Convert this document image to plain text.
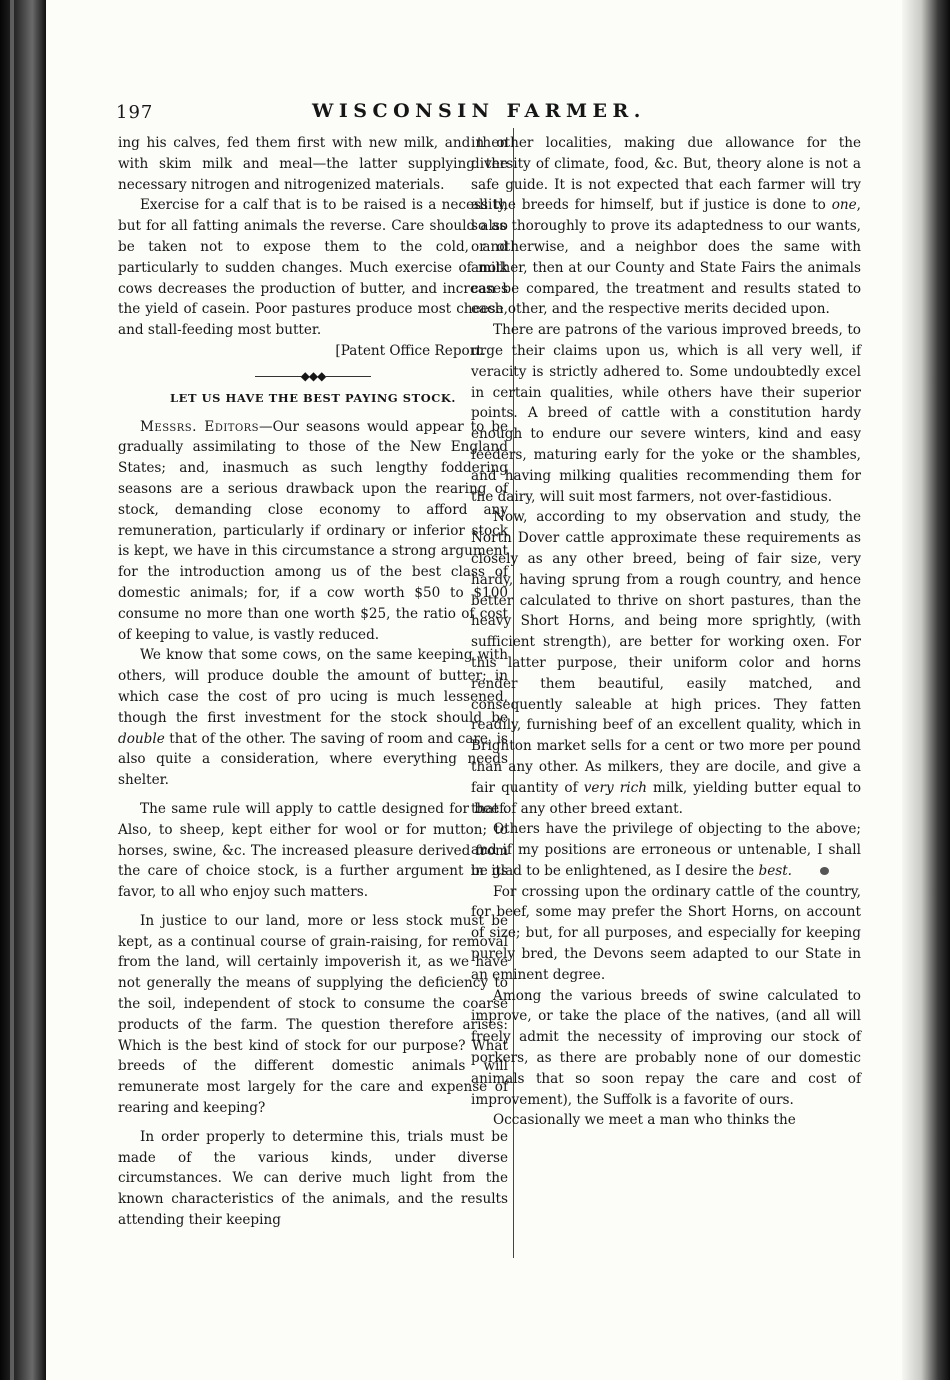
197	WISCONSIN FARMER.

ing his calves, fed them first with new milk, and then with skim milk and meal—the latter supplying the necessary nitrogen and nitrogenized materials.

Exercise for a calf that is to be raised is a necessity, but for all fatting animals the reverse. Care should also be taken not to expose them to the cold, and particularly to sudden changes. Much exercise of milk cows decreases the production of butter, and increases the yield of casein. Poor pastures produce most cheese, and stall-feeding most butter.

[Patent Office Report.

◆◆◆
LET US HAVE THE BEST PAYING STOCK.

Messrs. Editors—Our seasons would appear to be gradually assimilating to those of the New England States; and, inasmuch as such lengthy foddering seasons are a serious drawback upon the rearing of stock, demanding close economy to afford any remuneration, particularly if ordinary or inferior stock is kept, we have in this circumstance a strong argument for the introduction among us of the best class of domestic animals; for, if a cow worth $50 to $100 consume no more than one worth $25, the ratio of cost of keeping to value, is vastly reduced.

We know that some cows, on the same keeping with others, will produce double the amount of butter; in which case the cost of pro ucing is much lessened, though the first investment for the stock should be double that of the other. The saving of room and care, is also quite a consideration, where everything needs shelter.

The same rule will apply to cattle designed for beef. Also, to sheep, kept either for wool or for mutton; to horses, swine, &c. The increased pleasure derived from the care of choice stock, is a further argument in its favor, to all who enjoy such matters.

In justice to our land, more or less stock must be kept, as a continual course of grain-raising, for removal from the land, will certainly impoverish it, as we have not generally the means of supplying the deficiency to the soil, independent of stock to consume the coarse products of the farm. The question therefore arises: Which is the best kind of stock for our purpose? What breeds of the different domestic animals will remunerate most largely for the care and expense of rearing and keeping?

In order properly to determine this, trials must be made of the various kinds, under diverse circumstances. We can derive much light from the known characteristics of the animals, and the results attending their keeping

in other localities, making due allowance for the diversity of climate, food, &c. But, theory alone is not a safe guide. It is not expected that each farmer will try all the breeds for himself, but if justice is done to one, so as thoroughly to prove its adaptedness to our wants, or otherwise, and a neighbor does the same with another, then at our County and State Fairs the animals can be compared, the treatment and results stated to each other, and the respective merits decided upon.

There are patrons of the various improved breeds, to urge their claims upon us, which is all very well, if veracity is strictly adhered to. Some undoubtedly excel in certain qualities, while others have their superior points. A breed of cattle with a constitution hardy enough to endure our severe winters, kind and easy feeders, maturing early for the yoke or the shambles, and having milking qualities recommending them for the dairy, will suit most farmers, not over-fastidious.

Now, according to my observation and study, the North Dover cattle approximate these requirements as closely as any other breed, being of fair size, very hardy, having sprung from a rough country, and hence better calculated to thrive on short pastures, than the heavy Short Horns, and being more sprightly, (with sufficient strength), are better for working oxen. For this latter purpose, their uniform color and horns render them beautiful, easily matched, and consequently saleable at high prices. They fatten readily, furnishing beef of an excellent quality, which in Brighton market sells for a cent or two more per pound than any other. As milkers, they are docile, and give a fair quantity of very rich milk, yielding butter equal to that of any other breed extant.

Others have the privilege of objecting to the above; and if my positions are erroneous or untenable, I shall be glad to be enlightened, as I desire the best.

For crossing upon the ordinary cattle of the country, for beef, some may prefer the Short Horns, on account of size; but, for all purposes, and especially for keeping purely bred, the Devons seem adapted to our State in an eminent degree.

Among the various breeds of swine calculated to improve, or take the place of the natives, (and all will freely admit the necessity of improving our stock of porkers, as there are probably none of our domestic animals that so soon repay the care and cost of improvement), the Suffolk is a favorite of ours.

Occasionally we meet a man who thinks the
